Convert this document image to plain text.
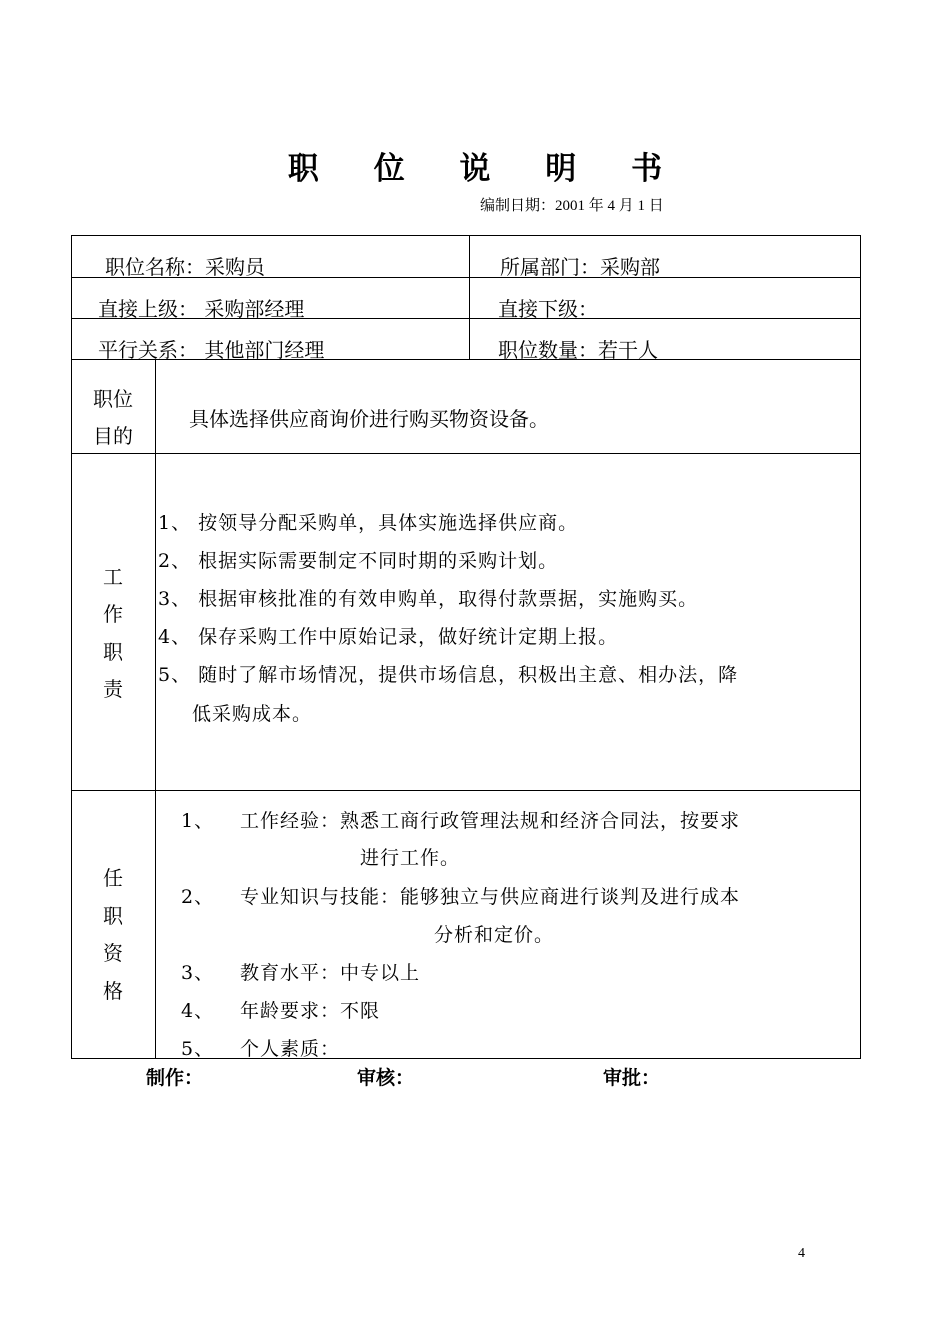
职 位 说 明 书
编制日期：2001 年 4 月 1 日
职位名称：采购员	所属部门：采购部
直接上级： 采购部经理	直接下级：
平行关系： 其他部门经理	职位数量：若干人
职位
目的
具体选择供应商询价进行购买物资设备。
工
作
职
责
1、 按领导分配采购单，具体实施选择供应商。
2、 根据实际需要制定不同时期的采购计划。
3、 根据审核批准的有效申购单，取得付款票据，实施购买。
4、 保存采购工作中原始记录，做好统计定期上报。
5、 随时了解市场情况，提供市场信息，积极出主意、相办法，降
低采购成本。
任
职
资
格
1、 工作经验：熟悉工商行政管理法规和经济合同法，按要求
进行工作。
2、 专业知识与技能：能够独立与供应商进行谈判及进行成本
分析和定价。
3、 教育水平：中专以上
4、 年龄要求：不限
5、 个人素质：
制作：	审核：	审批：
4
